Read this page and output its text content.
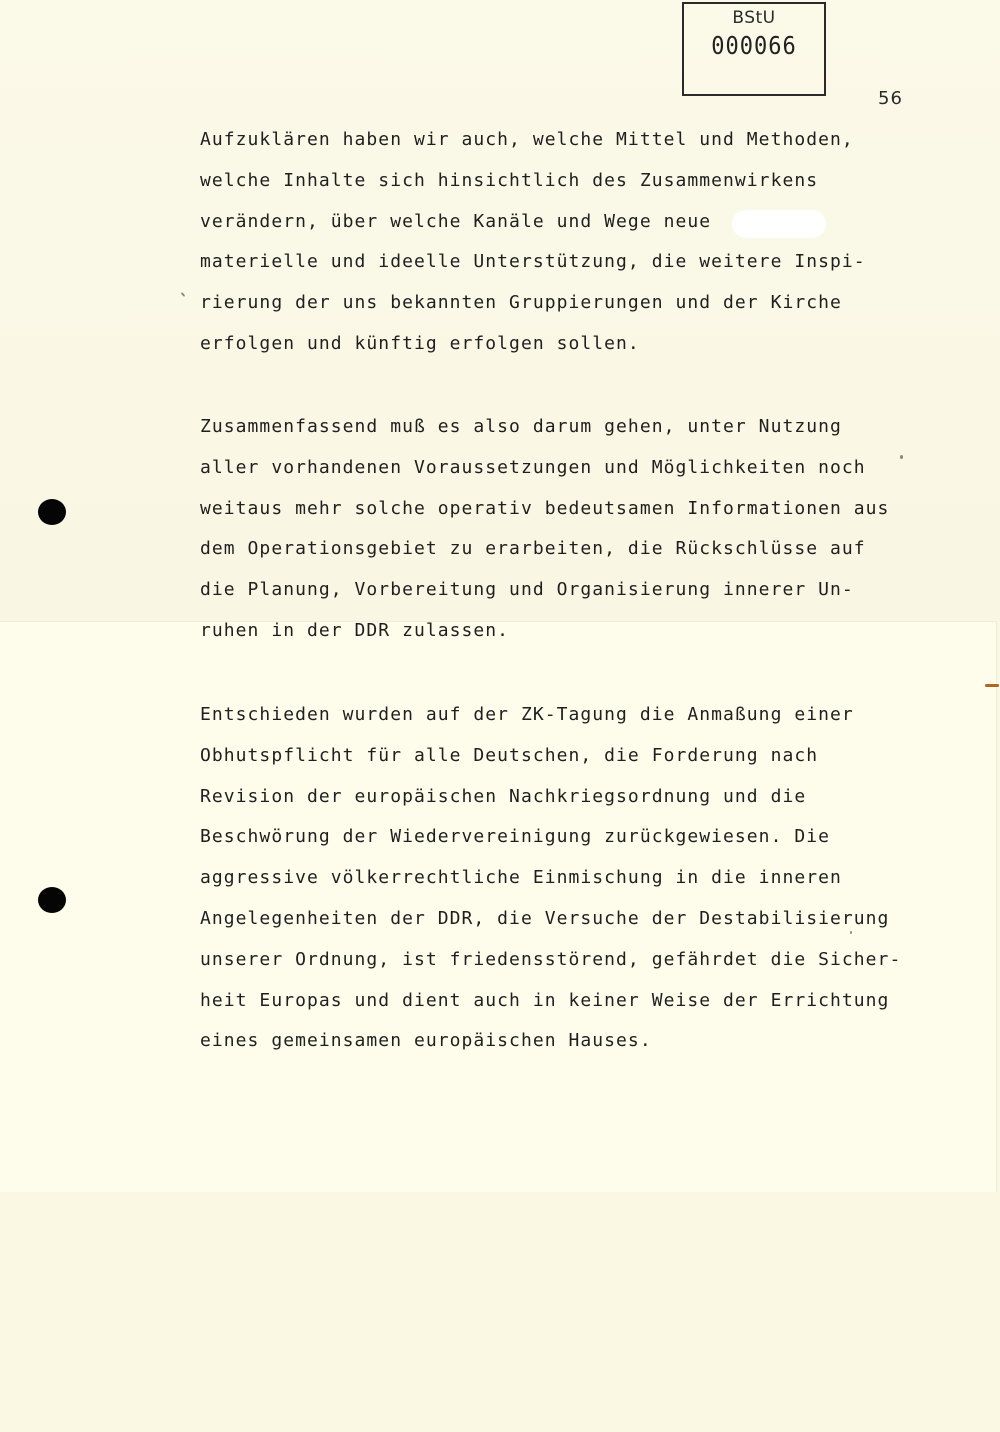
BStU
000066
56
Aufzuklären haben wir auch, welche Mittel und Methoden,
welche Inhalte sich hinsichtlich des Zusammenwirkens
verändern, über welche Kanäle und Wege neue
materielle und ideelle Unterstützung, die weitere Inspi-
rierung der uns bekannten Gruppierungen und der Kirche
erfolgen und künftig erfolgen sollen.
Zusammenfassend muß es also darum gehen, unter Nutzung
aller vorhandenen Voraussetzungen und Möglichkeiten noch
weitaus mehr solche operativ bedeutsamen Informationen aus
dem Operationsgebiet zu erarbeiten, die Rückschlüsse auf
die Planung, Vorbereitung und Organisierung innerer Un-
ruhen in der DDR zulassen.
Entschieden wurden auf der ZK-Tagung die Anmaßung einer
Obhutspflicht für alle Deutschen, die Forderung nach
Revision der europäischen Nachkriegsordnung und die
Beschwörung der Wiedervereinigung zurückgewiesen. Die
aggressive völkerrechtliche Einmischung in die inneren
Angelegenheiten der DDR, die Versuche der Destabilisierung
unserer Ordnung, ist friedensstörend, gefährdet die Sicher-
heit Europas und dient auch in keiner Weise der Errichtung
eines gemeinsamen europäischen Hauses.
